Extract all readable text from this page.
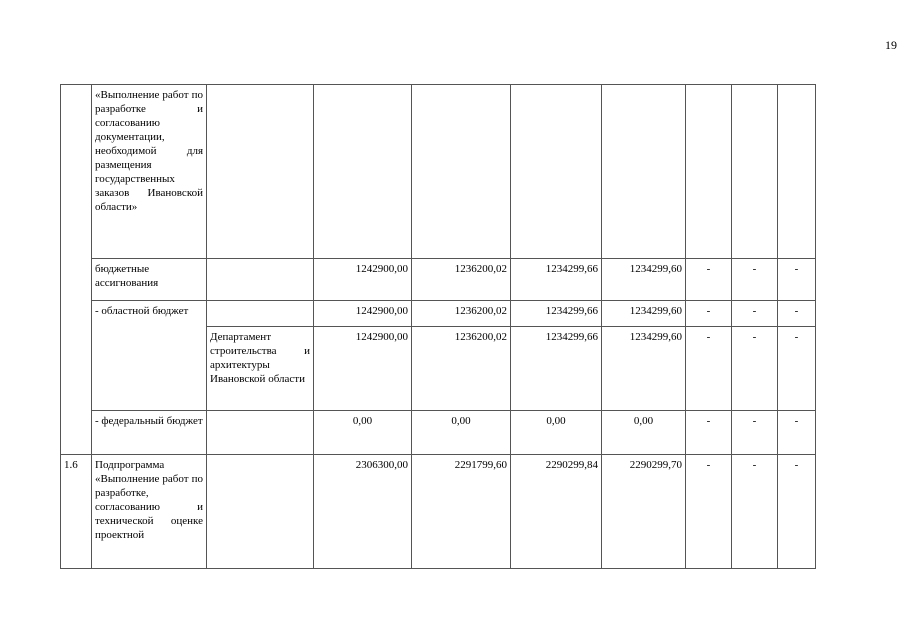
19
	«Выполнение работ по разработке и согласованию документации, необходимой для размещения государственных заказов Ивановской области»								
	бюджетные ассигнования		1242900,00	1236200,02	1234299,66	1234299,60	-	-	-
	- областной бюджет		1242900,00	1236200,02	1234299,66	1234299,60	-	-	-
		Департамент строительства и архитектуры Ивановской области	1242900,00	1236200,02	1234299,66	1234299,60	-	-	-
	- федеральный бюджет		0,00	0,00	0,00	0,00	-	-	-
1.6	Подпрограмма «Выполнение работ по разработке, согласованию и технической оценке проектной		2306300,00	2291799,60	2290299,84	2290299,70	-	-	-
